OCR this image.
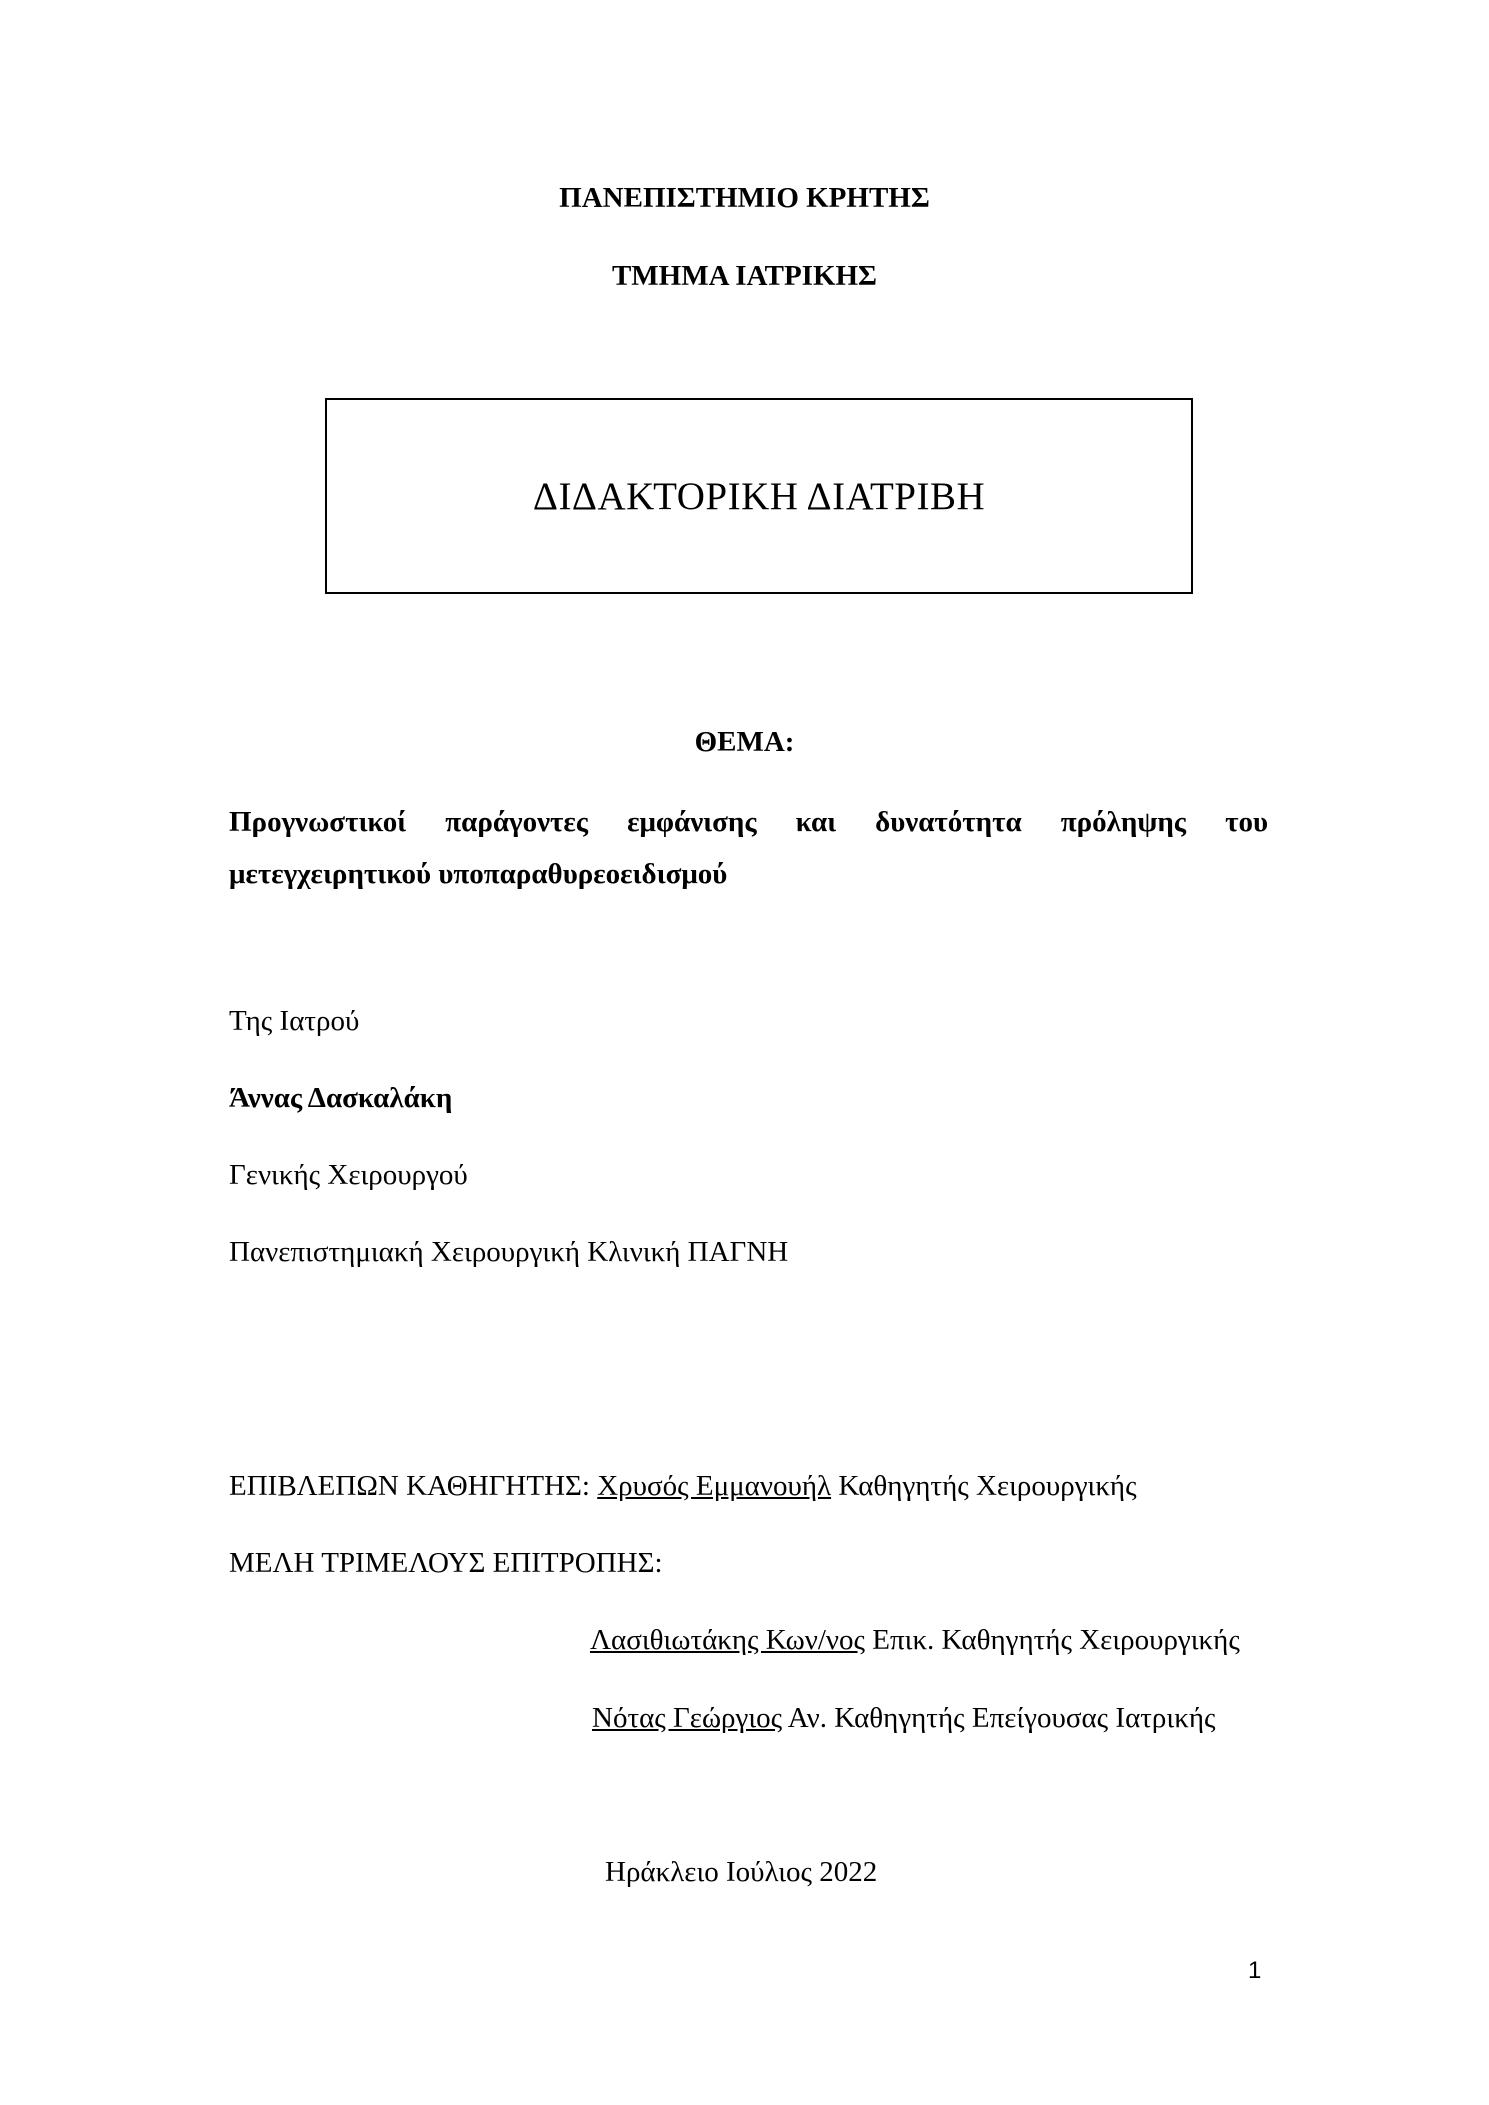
ΠΑΝΕΠΙΣΤΗΜΙΟ ΚΡΗΤΗΣ
ΤΜΗΜΑ ΙΑΤΡΙΚΗΣ
ΔΙΔΑΚΤΟΡΙΚΗ ΔΙΑΤΡΙΒΗ
ΘΕΜΑ:
Προγνωστικοί παράγοντες εμφάνισης και δυνατότητα πρόληψης του
μετεγχειρητικού υποπαραθυρεοειδισμού
Της Ιατρού
Άννας Δασκαλάκη
Γενικής Χειρουργού
Πανεπιστημιακή Χειρουργική Κλινική ΠΑΓΝΗ
ΕΠΙΒΛΕΠΩΝ ΚΑΘΗΓΗΤΗΣ: Χρυσός Εμμανουήλ Καθηγητής Χειρουργικής
ΜΕΛΗ ΤΡΙΜΕΛΟΥΣ ΕΠΙΤΡΟΠΗΣ:
Λασιθιωτάκης Κων/νος Επικ. Καθηγητής Χειρουργικής
Νότας Γεώργιος Αν. Καθηγητής Επείγουσας Ιατρικής
Ηράκλειο Ιούλιος 2022
1
